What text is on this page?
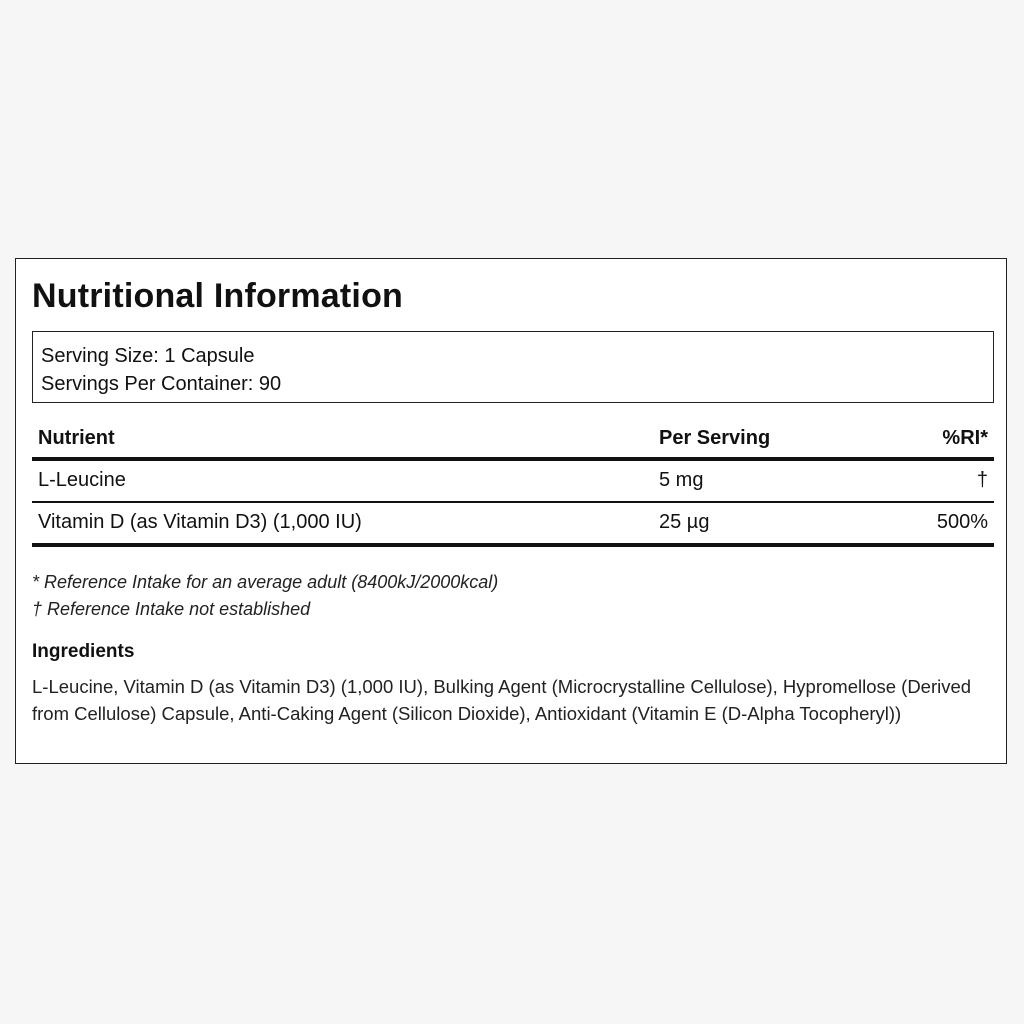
Nutritional Information
Serving Size: 1 Capsule
Servings Per Container: 90
Nutrient	Per Serving	%RI*
L-Leucine	5 mg	†
Vitamin D (as Vitamin D3) (1,000 IU)	25 µg	500%
* Reference Intake for an average adult (8400kJ/2000kcal)
† Reference Intake not established
Ingredients
L-Leucine, Vitamin D (as Vitamin D3) (1,000 IU), Bulking Agent (Microcrystalline Cellulose), Hypromellose (Derived from Cellulose) Capsule, Anti-Caking Agent (Silicon Dioxide), Antioxidant (Vitamin E (D-Alpha Tocopheryl))
